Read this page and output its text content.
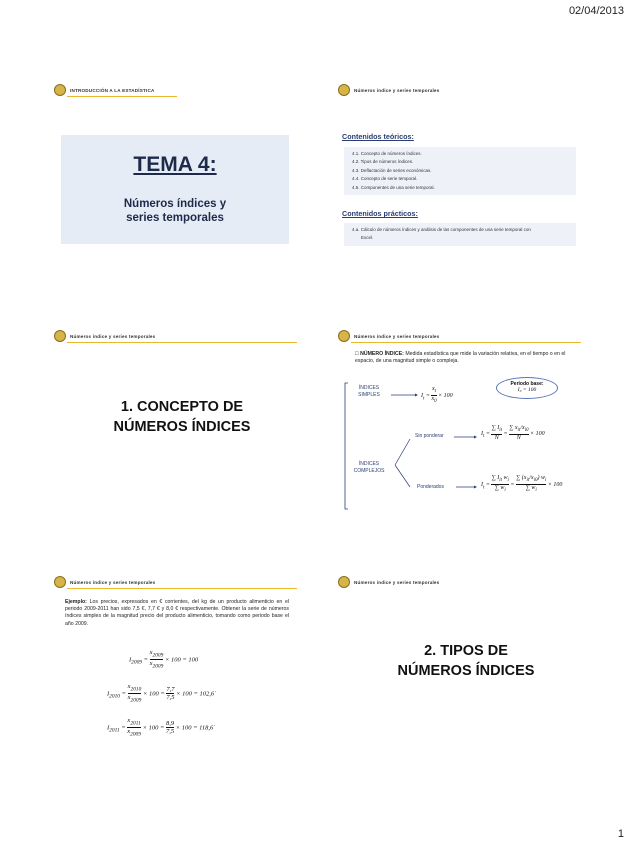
02/04/2013
INTRODUCCIÓN A LA ESTADÍSTICA
TEMA 4:
Números índices y
series temporales
Números índice y series temporales
Contenidos teóricos:
4.1. Concepto de números índices.
4.2. Tipos de números índices.
4.3. Deflactación de series económicas.
4.4. Concepto de serie temporal.
4.5. Componentes de una serie temporal.
Contenidos prácticos:
4.a. Cálculo de números índices y análisis de las componentes de una serie temporal con
Excel.
Números índice y series temporales
1. CONCEPTO DE
NÚMEROS ÍNDICES
Números índice y series temporales
□ NÚMERO ÍNDICE: Medida estadística que mide la variación relativa, en el tiempo o en el espacio, de una magnitud simple o compleja.
ÍNDICES
SIMPLES
ÍNDICES
COMPLEJOS
$I_t = \frac{x_t}{x_0} \times 100$
Periodo base:
I₀ = 100
Sin ponderar
Ponderados
$I_t$ =
∑ $I_{it}$
N
=
∑ $x_{it}/x_{i0}$
N
× 100
$I_t$ =
∑ $I_{it}$ $w_i$
∑ $w_i$
=
∑ $(x_{it}/x_{i0})$ $w_i$
∑ $w_i$
× 100
Números índice y series temporales
Ejemplo: Los precios, expresados en € corrientes, del kg de un producto alimenticio en el periodo 2009-2011 han sido 7,5 €, 7,7 € y 8,0 € respectivamente. Obtener la serie de números índices simples de la magnitud precio del producto alimenticio, tomando como periodo base el año 2009.
$I_{2009} = \frac{x_{2009}}{x_{2009}} \times 100 = 100$
$I_{2010} = \frac{x_{2010}}{x_{2009}} \times 100 = \frac{7,7}{7,5} \times 100$ = 102,6̇
$I_{2011} = \frac{x_{2011}}{x_{2009}} \times 100 = \frac{8,9}{7,5} \times 100$ = 118,6̇
Números índice y series temporales
2. TIPOS DE
NÚMEROS ÍNDICES
1
